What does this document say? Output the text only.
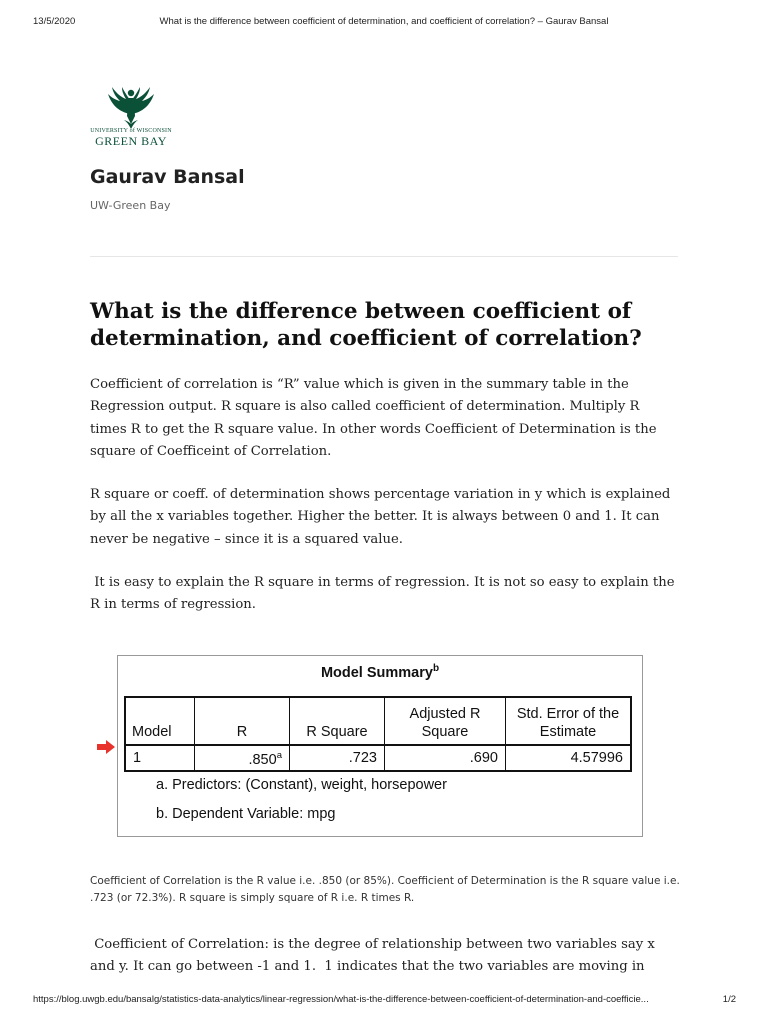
13/5/2020	What is the difference between coefficient of determination, and coefficient of correlation? – Gaurav Bansal
UNIVERSITY of WISCONSIN
GREEN BAY
Gaurav Bansal

UW-Green Bay

What is the difference between coefficient of determination, and coefficient of correlation?

Coefficient of correlation is “R” value which is given in the summary table in the Regression output. R square is also called coefficient of determination. Multiply R times R to get the R square value. In other words Coefficient of Determination is the square of Coefficeint of Correlation.

R square or coeff. of determination shows percentage variation in y which is explained by all the x variables together. Higher the better. It is always between 0 and 1. It can never be negative – since it is a squared value.

It is easy to explain the R square in terms of regression. It is not so easy to explain the R in terms of regression.

Model Summary$^b$
Model	R	R Square	Adjusted R Square	Std. Error of the Estimate
1	.850$^a$	.723	.690	4.57996
a. Predictors: (Constant), weight, horsepower
b. Dependent Variable: mpg

Coefficient of Correlation is the R value i.e. .850 (or 85%). Coefficient of Determination is the R square value i.e. .723 (or 72.3%). R square is simply square of R i.e. R times R.

Coefficient of Correlation: is the degree of relationship between two variables say x and y. It can go between -1 and 1.  1 indicates that the two variables are moving in

https://blog.uwgb.edu/bansalg/statistics-data-analytics/linear-regression/what-is-the-difference-between-coefficient-of-determination-and-coefficie...	1/2
